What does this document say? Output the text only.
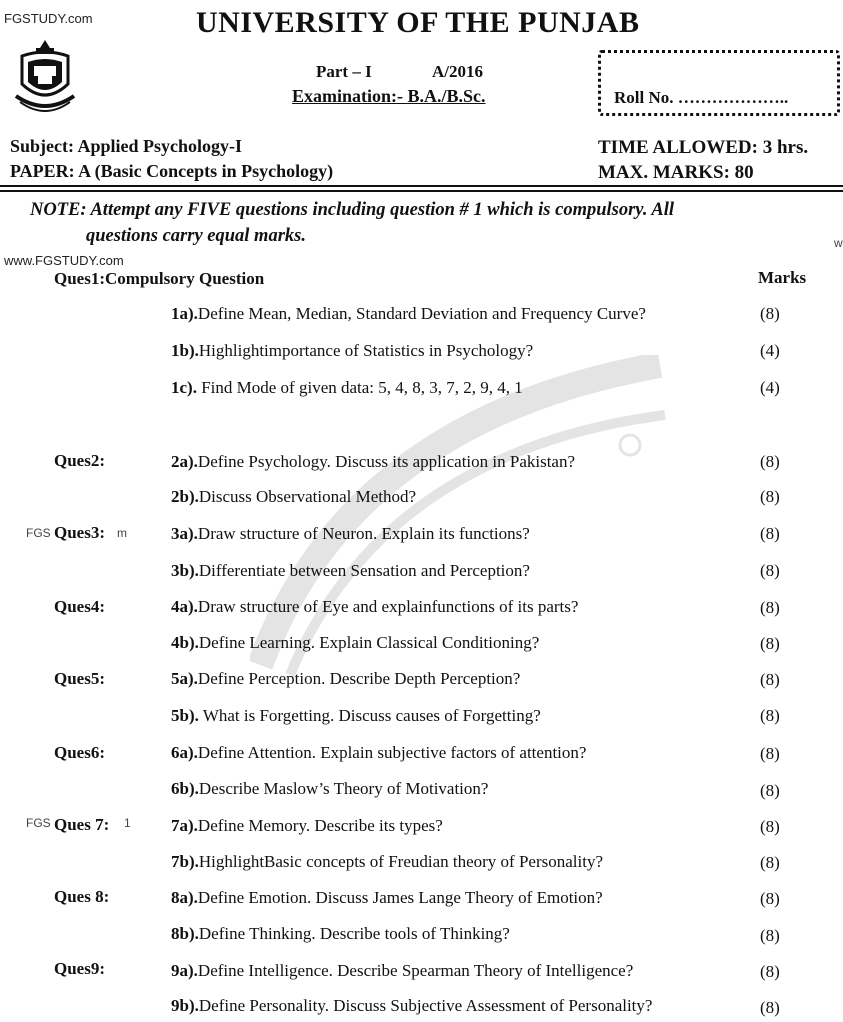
FGSTUDY.com	UNIVERSITY OF THE PUNJAB
Part – I	A/2016
Examination:- B.A./B.Sc.	Roll No. ………………..
Subject: Applied Psychology-I
PAPER: A (Basic Concepts in Psychology)
TIME ALLOWED: 3 hrs.
MAX. MARKS: 80
NOTE: Attempt any FIVE questions including question # 1 which is compulsory. All
questions carry equal marks.
www.FGSTUDY.com
Marks
FGS	m
FGS	1
w
Ques1:Compulsory Question
1a).Define Mean, Median, Standard Deviation and Frequency Curve?	(8)
1b).Highlightimportance of Statistics in Psychology?	(4)
1c). Find Mode of given data: 5, 4, 8, 3, 7, 2, 9, 4, 1	(4)
Ques2:	2a).Define Psychology. Discuss its application in Pakistan?	(8)
2b).Discuss Observational Method?	(8)
Ques3:	3a).Draw structure of Neuron. Explain its functions?	(8)
3b).Differentiate between Sensation and Perception?	(8)
Ques4:	4a).Draw structure of Eye and explainfunctions of its parts?	(8)
4b).Define Learning. Explain Classical Conditioning?	(8)
Ques5:	5a).Define Perception. Describe Depth Perception?	(8)
5b). What is Forgetting. Discuss causes of Forgetting?	(8)
Ques6:	6a).Define Attention. Explain subjective factors of attention?	(8)
6b).Describe Maslow’s Theory of Motivation?	(8)
Ques 7:	7a).Define Memory. Describe its types?	(8)
7b).HighlightBasic concepts of Freudian theory of Personality?	(8)
Ques 8:	8a).Define Emotion. Discuss James Lange Theory of Emotion?	(8)
8b).Define Thinking. Describe tools of Thinking?	(8)
Ques9:	9a).Define Intelligence. Describe Spearman Theory of Intelligence?	(8)
9b).Define Personality. Discuss Subjective Assessment of Personality?	(8)
